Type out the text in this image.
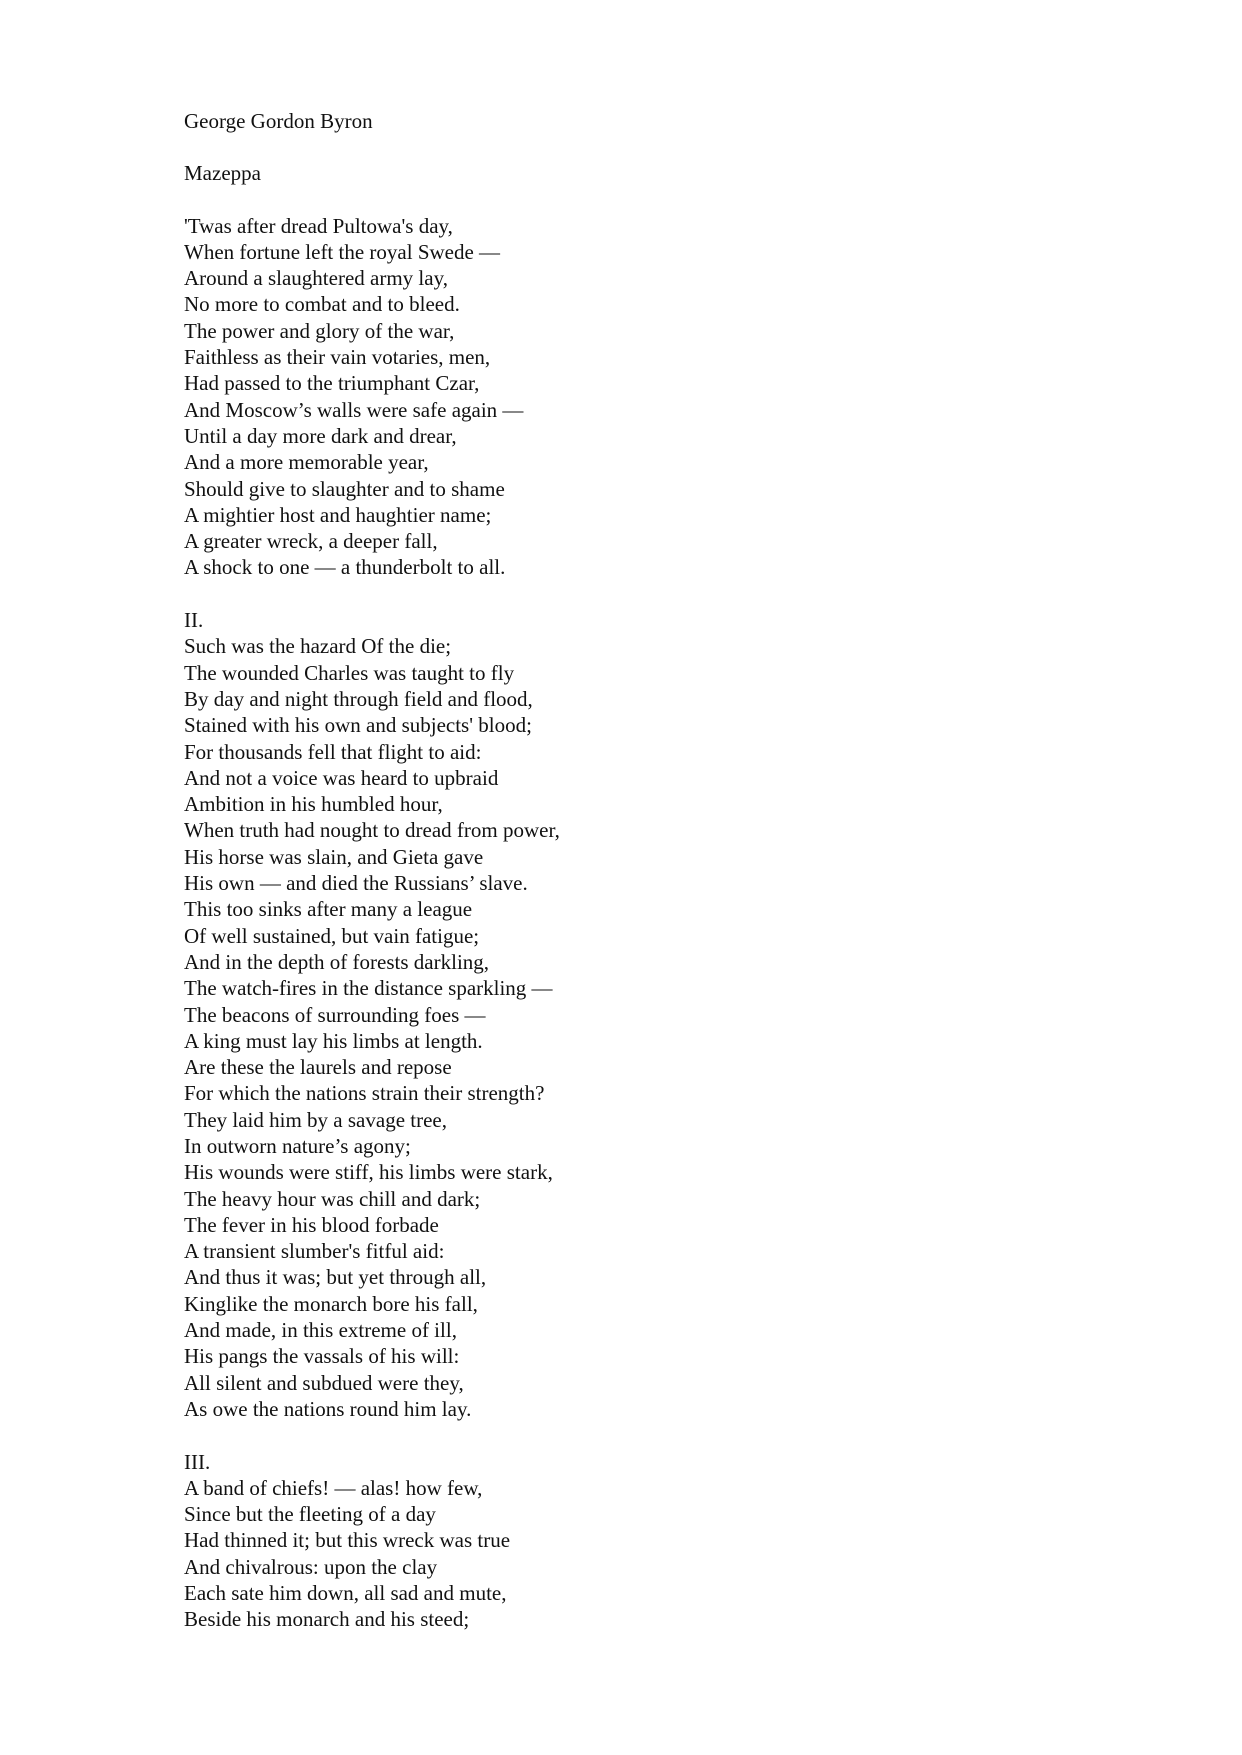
George Gordon Byron
Mazeppa
'Twas after dread Pultowa's day,
When fortune left the royal Swede —
Around a slaughtered army lay,
No more to combat and to bleed.
The power and glory of the war,
Faithless as their vain votaries, men,
Had passed to the triumphant Czar,
And Moscow’s walls were safe again —
Until a day more dark and drear,
And a more memorable year,
Should give to slaughter and to shame
A mightier host and haughtier name;
A greater wreck, a deeper fall,
A shock to one — a thunderbolt to all.
II.
Such was the hazard Of the die;
The wounded Charles was taught to fly
By day and night through field and flood,
Stained with his own and subjects' blood;
For thousands fell that flight to aid:
And not a voice was heard to upbraid
Ambition in his humbled hour,
When truth had nought to dread from power,
His horse was slain, and Gieta gave
His own — and died the Russians’ slave.
This too sinks after many a league
Of well sustained, but vain fatigue;
And in the depth of forests darkling,
The watch-fires in the distance sparkling —
The beacons of surrounding foes —
A king must lay his limbs at length.
Are these the laurels and repose
For which the nations strain their strength?
They laid him by a savage tree,
In outworn nature’s agony;
His wounds were stiff, his limbs were stark,
The heavy hour was chill and dark;
The fever in his blood forbade
A transient slumber's fitful aid:
And thus it was; but yet through all,
Kinglike the monarch bore his fall,
And made, in this extreme of ill,
His pangs the vassals of his will:
All silent and subdued were they,
As owe the nations round him lay.
III.
A band of chiefs! — alas! how few,
Since but the fleeting of a day
Had thinned it; but this wreck was true
And chivalrous: upon the clay
Each sate him down, all sad and mute,
Beside his monarch and his steed;
